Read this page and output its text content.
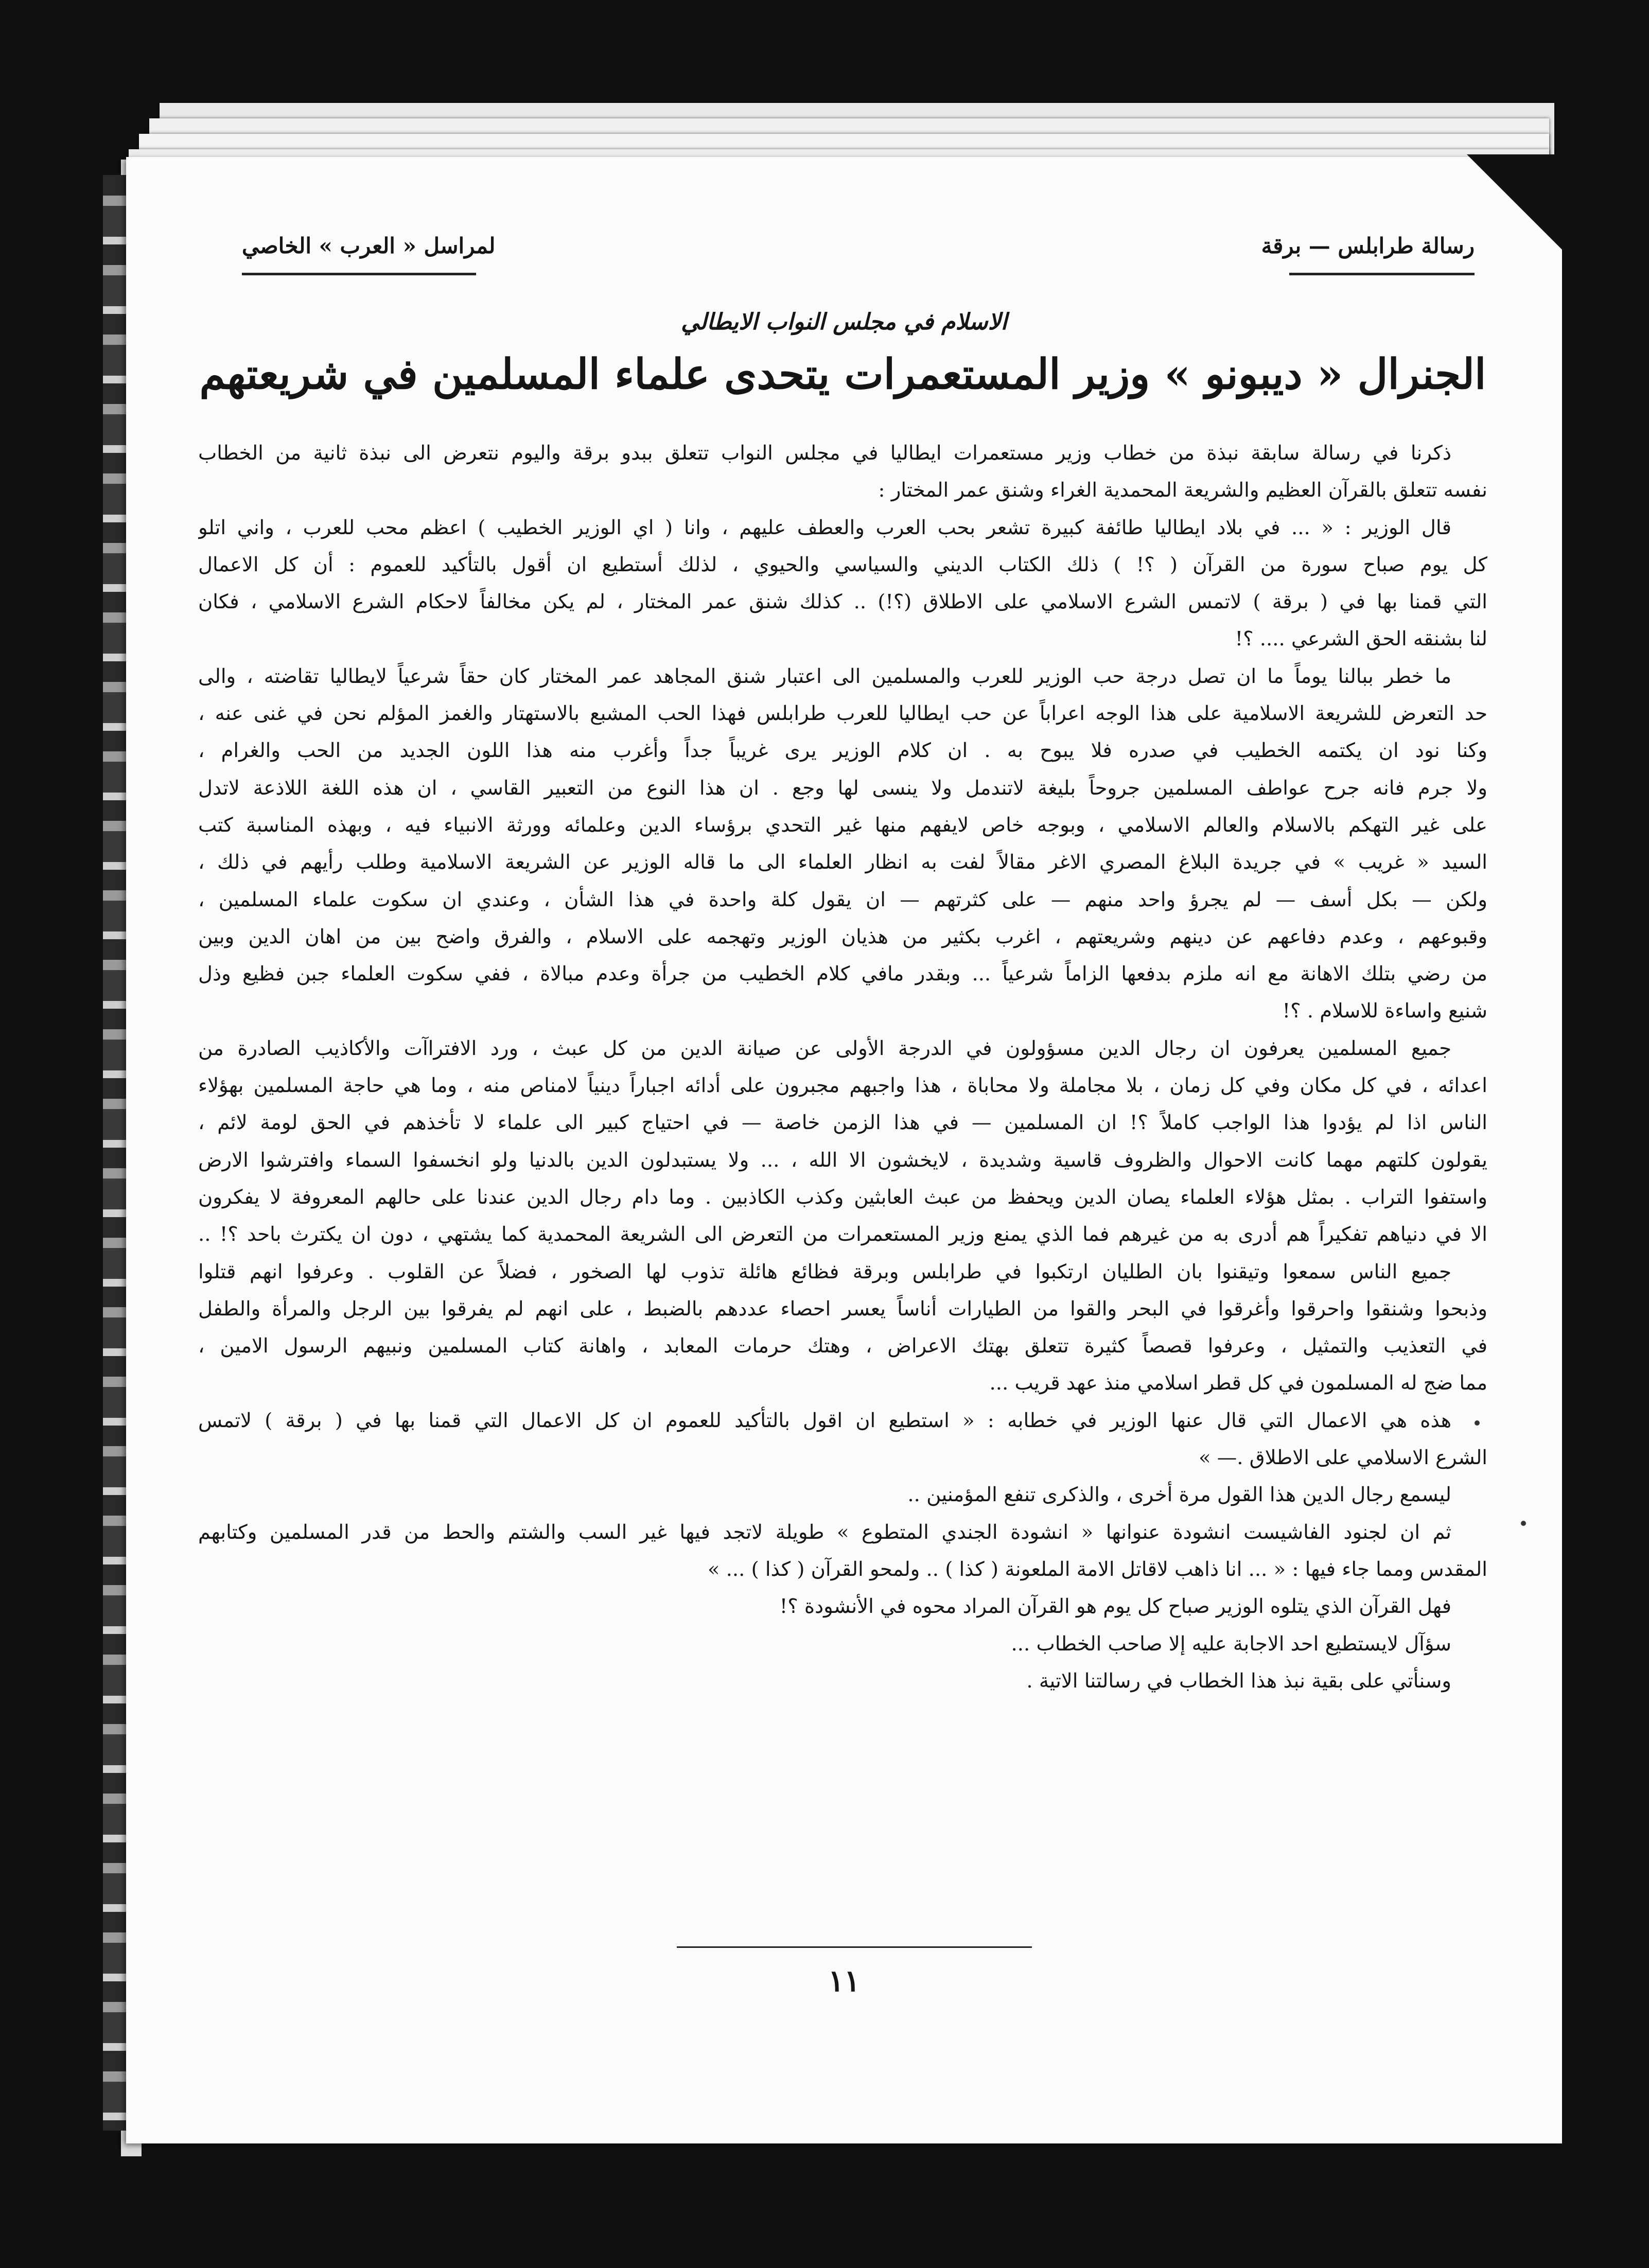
رسالة طرابلس — برقة
لمراسل « العرب » الخاصي
الاسلام في مجلس النواب الايطالي
الجنرال « ديبونو » وزير المستعمرات يتحدى علماء المسلمين في شريعتهم
ذكرنا في رسالة سابقة نبذة من خطاب وزير مستعمرات ايطاليا في مجلس النواب تتعلق ببدو برقة واليوم نتعرض الى نبذة ثانية من الخطاب
نفسه تتعلق بالقرآن العظيم والشريعة المحمدية الغراء وشنق عمر المختار :
قال الوزير : « ... في بلاد ايطاليا طائفة كبيرة تشعر بحب العرب والعطف عليهم ، وانا ( اي الوزير الخطيب ) اعظم محب للعرب ، واني اتلو
كل يوم صباح سورة من القرآن ( ؟! ) ذلك الكتاب الديني والسياسي والحيوي ، لذلك أستطيع ان أقول بالتأكيد للعموم : أن كل الاعمال
التي قمنا بها في ( برقة ) لاتمس الشرع الاسلامي على الاطلاق (؟!) .. كذلك شنق عمر المختار ، لم يكن مخالفاً لاحكام الشرع الاسلامي ، فكان
لنا بشنقه الحق الشرعي .... ؟!
ما خطر ببالنا يوماً ما ان تصل درجة حب الوزير للعرب والمسلمين الى اعتبار شنق المجاهد عمر المختار كان حقاً شرعياً لايطاليا تقاضته ، والى
حد التعرض للشريعة الاسلامية على هذا الوجه اعراباً عن حب ايطاليا للعرب طرابلس فهذا الحب المشبع بالاستهتار والغمز المؤلم نحن في غنى عنه ،
وكنا نود ان يكتمه الخطيب في صدره فلا يبوح به . ان كلام الوزير يرى غريباً جداً وأغرب منه هذا اللون الجديد من الحب والغرام ،
ولا جرم فانه جرح عواطف المسلمين جروحاً بليغة لاتندمل ولا ينسى لها وجع . ان هذا النوع من التعبير القاسي ، ان هذه اللغة اللاذعة لاتدل
على غير التهكم بالاسلام والعالم الاسلامي ، وبوجه خاص لايفهم منها غير التحدي برؤساء الدين وعلمائه وورثة الانبياء فيه ، وبهذه المناسبة كتب
السيد « غريب » في جريدة البلاغ المصري الاغر مقالاً لفت به انظار العلماء الى ما قاله الوزير عن الشريعة الاسلامية وطلب رأيهم في ذلك ،
ولكن — بكل أسف — لم يجرؤ واحد منهم — على كثرتهم — ان يقول كلة واحدة في هذا الشأن ، وعندي ان سكوت علماء المسلمين ،
وقبوعهم ، وعدم دفاعهم عن دينهم وشريعتهم ، اغرب بكثير من هذيان الوزير وتهجمه على الاسلام ، والفرق واضح بين من اهان الدين وبين
من رضي بتلك الاهانة مع انه ملزم بدفعها الزاماً شرعياً ... وبقدر مافي كلام الخطيب من جرأة وعدم مبالاة ، ففي سكوت العلماء جبن فظيع وذل
شنيع واساءة للاسلام . ؟!
جميع المسلمين يعرفون ان رجال الدين مسؤولون في الدرجة الأولى عن صيانة الدين من كل عبث ، ورد الافتراآت والأكاذيب الصادرة من
اعدائه ، في كل مكان وفي كل زمان ، بلا مجاملة ولا محاباة ، هذا واجبهم مجبرون على أدائه اجباراً دينياً لامناص منه ، وما هي حاجة المسلمين بهؤلاء
الناس اذا لم يؤدوا هذا الواجب كاملاً ؟! ان المسلمين — في هذا الزمن خاصة — في احتياج كبير الى علماء لا تأخذهم في الحق لومة لائم ،
يقولون كلتهم مهما كانت الاحوال والظروف قاسية وشديدة ، لايخشون الا الله ، ... ولا يستبدلون الدين بالدنيا ولو انخسفوا السماء وافترشوا الارض
واستفوا التراب . بمثل هؤلاء العلماء يصان الدين ويحفظ من عبث العابثين وكذب الكاذبين . وما دام رجال الدين عندنا على حالهم المعروفة لا يفكرون
الا في دنياهم تفكيراً هم أدرى به من غيرهم فما الذي يمنع وزير المستعمرات من التعرض الى الشريعة المحمدية كما يشتهي ، دون ان يكترث باحد ؟! ..
جميع الناس سمعوا وتيقنوا بان الطليان ارتكبوا في طرابلس وبرقة فظائع هائلة تذوب لها الصخور ، فضلاً عن القلوب . وعرفوا انهم قتلوا
وذبحوا وشنقوا واحرقوا وأغرقوا في البحر والقوا من الطيارات أناساً يعسر احصاء عددهم بالضبط ، على انهم لم يفرقوا بين الرجل والمرأة والطفل
في التعذيب والتمثيل ، وعرفوا قصصاً كثيرة تتعلق بهتك الاعراض ، وهتك حرمات المعابد ، واهانة كتاب المسلمين ونبيهم الرسول الامين ،
مما ضج له المسلمون في كل قطر اسلامي منذ عهد قريب ...
هذه هي الاعمال التي قال عنها الوزير في خطابه : « استطيع ان اقول بالتأكيد للعموم ان كل الاعمال التي قمنا بها في ( برقة ) لاتمس
الشرع الاسلامي على الاطلاق .— »
ليسمع رجال الدين هذا القول مرة أخرى ، والذكرى تنفع المؤمنين ..
ثم ان لجنود الفاشيست انشودة عنوانها « انشودة الجندي المتطوع » طويلة لاتجد فيها غير السب والشتم والحط من قدر المسلمين وكتابهم
المقدس ومما جاء فيها : « ... انا ذاهب لاقاتل الامة الملعونة ( كذا ) .. ولمحو القرآن ( كذا ) ... »
فهل القرآن الذي يتلوه الوزير صباح كل يوم هو القرآن المراد محوه في الأنشودة ؟!
سؤآل لايستطيع احد الاجابة عليه إلا صاحب الخطاب ...
وسنأتي على بقية نبذ هذا الخطاب في رسالتنا الاتية .
١١
